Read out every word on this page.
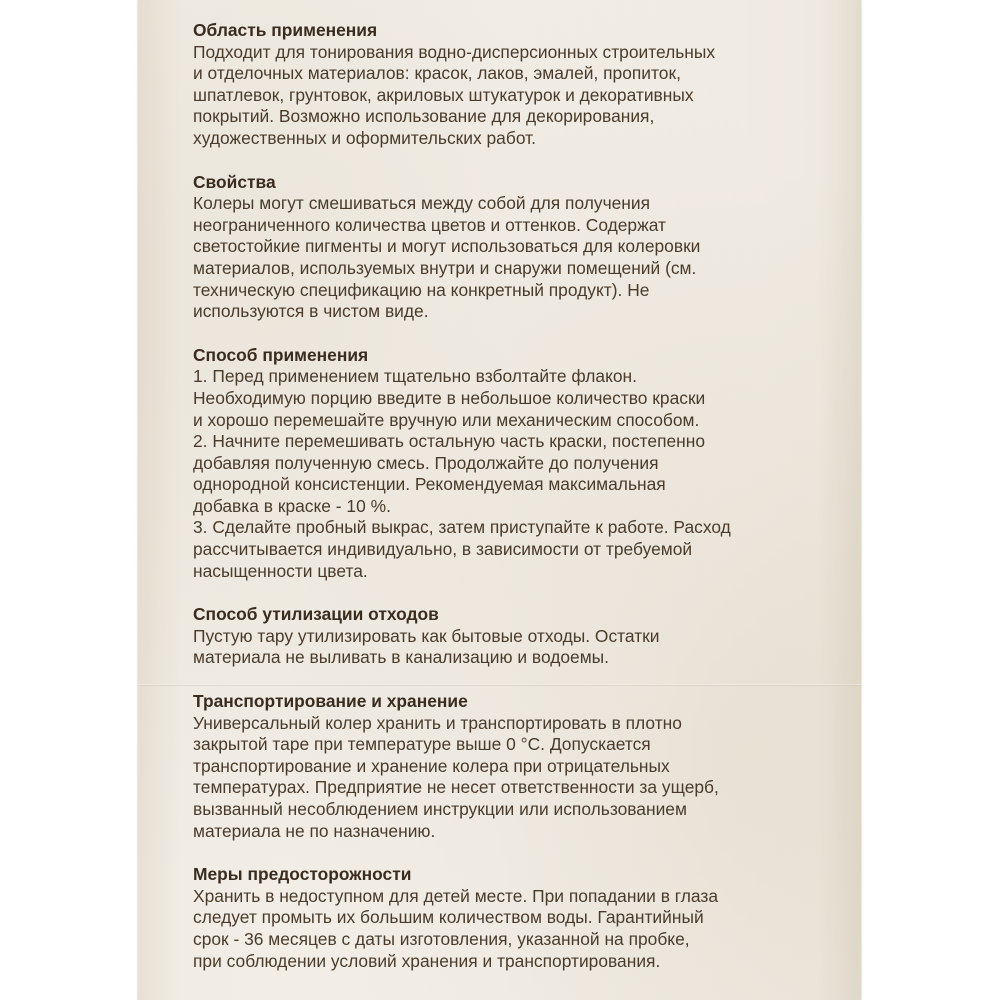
Область применения
Подходит для тонирования водно-дисперсионных строительных
и отделочных материалов: красок, лаков, эмалей, пропиток,
шпатлевок, грунтовок, акриловых штукатурок и декоративных
покрытий. Возможно использование для декорирования,
художественных и оформительских работ.
Свойства
Колеры могут смешиваться между собой для получения
неограниченного количества цветов и оттенков. Содержат
светостойкие пигменты и могут использоваться для колеровки
материалов, используемых внутри и снаружи помещений (см.
техническую спецификацию на конкретный продукт). Не
используются в чистом виде.
Способ применения
1. Перед применением тщательно взболтайте флакон.
Необходимую порцию введите в небольшое количество краски
и хорошо перемешайте вручную или механическим способом.
2. Начните перемешивать остальную часть краски, постепенно
добавляя полученную смесь. Продолжайте до получения
однородной консистенции. Рекомендуемая максимальная
добавка в краске - 10 %.
3. Сделайте пробный выкрас, затем приступайте к работе. Расход
рассчитывается индивидуально, в зависимости от требуемой
насыщенности цвета.
Способ утилизации отходов
Пустую тару утилизировать как бытовые отходы. Остатки
материала не выливать в канализацию и водоемы.
Транспортирование и хранение
Универсальный колер хранить и транспортировать в плотно
закрытой таре при температуре выше 0 °С. Допускается
транспортирование и хранение колера при отрицательных
температурах. Предприятие не несет ответственности за ущерб,
вызванный несоблюдением инструкции или использованием
материала не по назначению.
Меры предосторожности
Хранить в недоступном для детей месте. При попадании в глаза
следует промыть их большим количеством воды. Гарантийный
срок - 36 месяцев с даты изготовления, указанной на пробке,
при соблюдении условий хранения и транспортирования.
